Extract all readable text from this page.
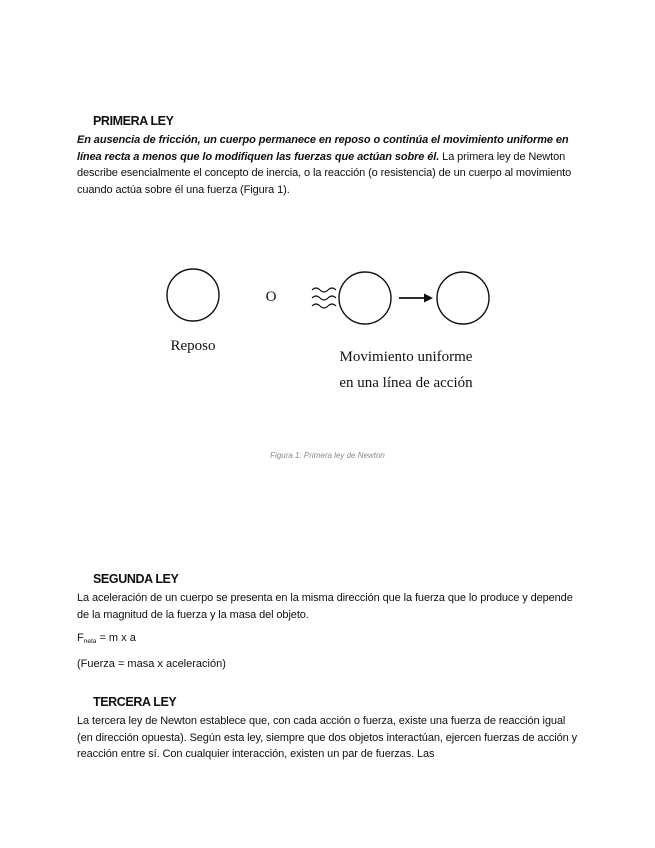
PRIMERA LEY

En ausencia de fricción, un cuerpo permanece en reposo o continúa el movimiento uniforme en línea recta a menos que lo modifiquen las fuerzas que actúan sobre él. La primera ley de Newton describe esencialmente el concepto de inercia, o la reacción (o resistencia) de un cuerpo al movimiento cuando actúa sobre él una fuerza (Figura 1).

O
Reposo
Movimiento uniforme
en una línea de acción

Figura 1: Primera ley de Newton

SEGUNDA LEY

La aceleración de un cuerpo se presenta en la misma dirección que la fuerza que lo produce y depende de la magnitud de la fuerza y la masa del objeto.

$F_{neta} = m$ x a

(Fuerza = masa x aceleración)

TERCERA LEY

La tercera ley de Newton establece que, con cada acción o fuerza, existe una fuerza de reacción igual (en dirección opuesta). Según esta ley, siempre que dos objetos interactúan, ejercen fuerzas de acción y reacción entre sí. Con cualquier interacción, existen un par de fuerzas. Las
